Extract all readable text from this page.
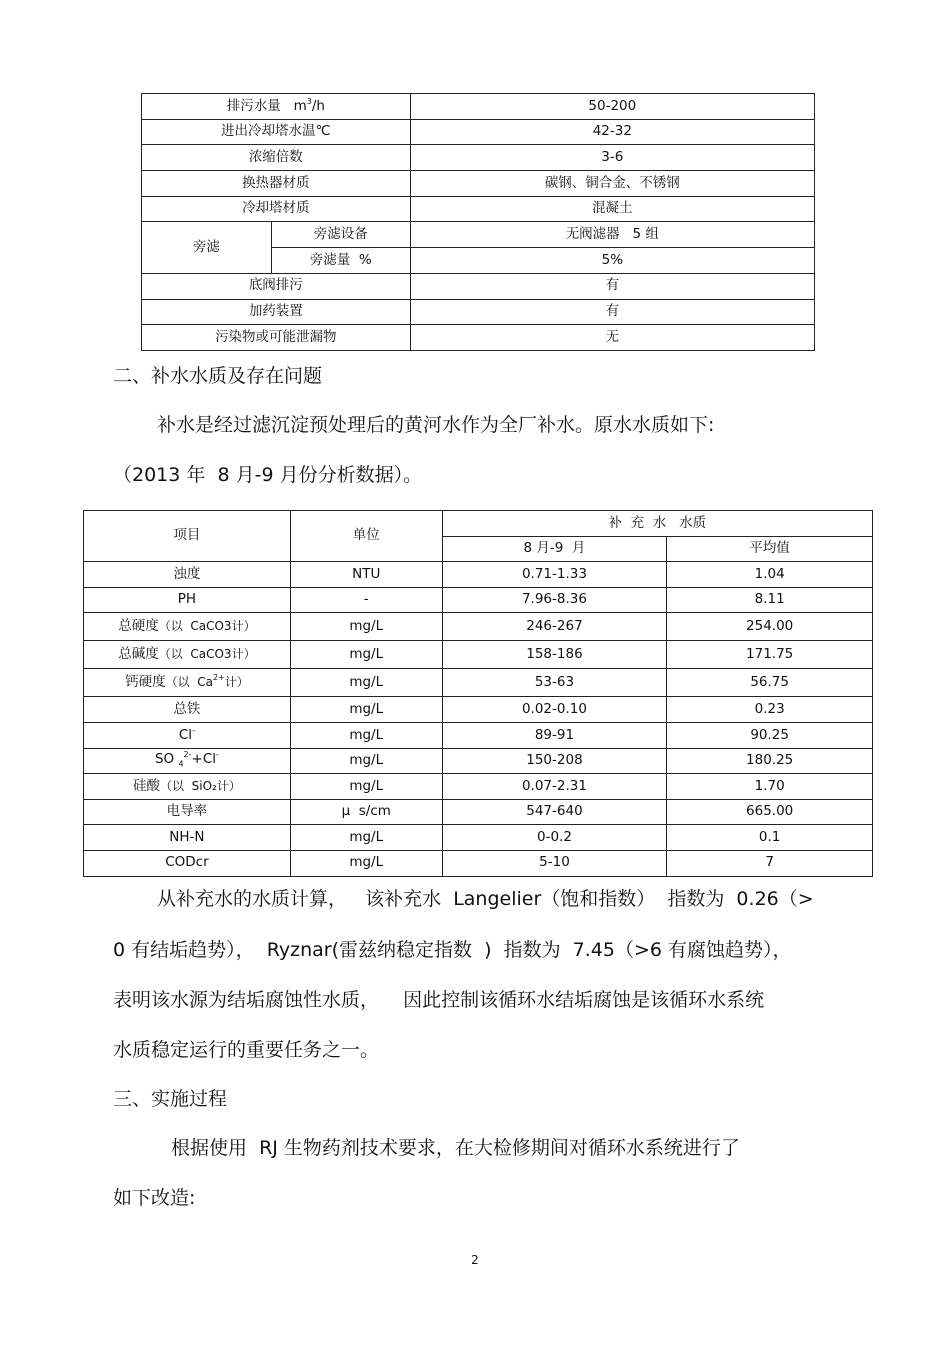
排污水量 $m^3/h$		50-200
进出冷却塔水温℃		42-32
浓缩倍数		3-6
换热器材质		碳钢、铜合金、不锈钢
冷却塔材质		混凝土
旁滤	旁滤设备	无阀滤器   5 组
	旁滤量  %	5%
底阀排污		有
加药装置		有
污染物或可能泄漏物		无

二、补水水质及存在问题

补水是经过滤沉淀预处理后的黄河水作为全厂补水。原水水质如下:

（2013 年  8 月-9 月份分析数据）。

项目	单位	补  充  水   水质	
		8 月-9  月	平均值
浊度	NTU	0.71-1.33	1.04
PH	-	7.96-8.36	8.11
总硬度（以  CaCO3计）	mg/L	246-267	254.00
总碱度（以  CaCO3计）	mg/L	158-186	171.75
钙硬度（以  $Ca^{2+}$计）	mg/L	53-63	56.75
总铁	mg/L	0.02-0.10	0.23
Cl-	mg/L	89-91	90.25
SO $_4^{2-}$+Cl-	mg/L	150-208	180.25
硅酸（以  SiO₂计）	mg/L	0.07-2.31	1.70
电导率	μ  s/cm	547-640	665.00
NH-N	mg/L	0-0.2	0.1
CODcr	mg/L	5-10	7

从补充水的水质计算，   该补充水  Langelier（饱和指数）  指数为  0.26（>

0 有结垢趋势），  Ryznar(雷兹纳稳定指数  )  指数为  7.45（>6 有腐蚀趋势），

表明该水源为结垢腐蚀性水质，    因此控制该循环水结垢腐蚀是该循环水系统

水质稳定运行的重要任务之一。

三、实施过程

根据使用  RJ 生物药剂技术要求，在大检修期间对循环水系统进行了

如下改造:

2
